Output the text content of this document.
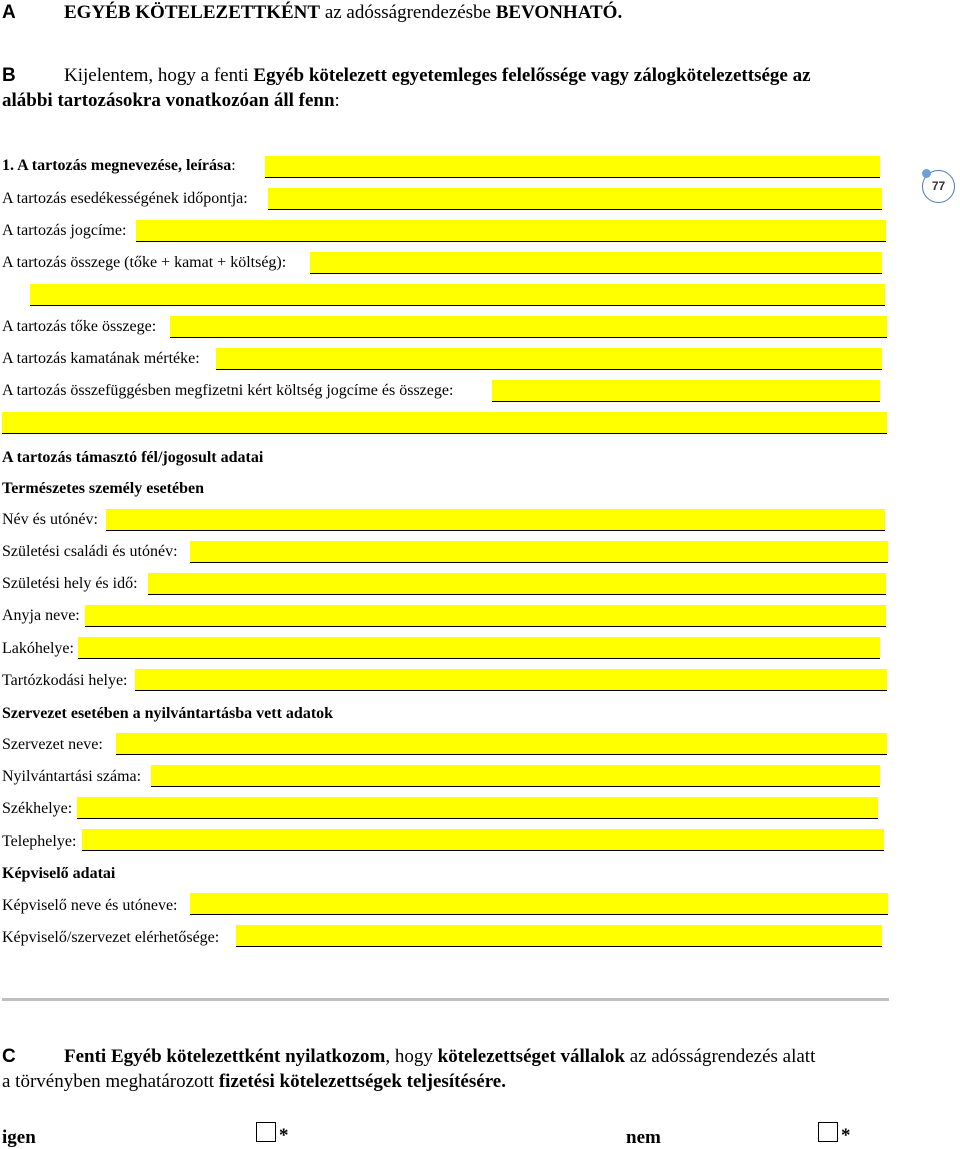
A	EGYÉB KÖTELEZETTKÉNT az adósságrendezésbe BEVONHATÓ.
B	Kijelentem, hogy a fenti Egyéb kötelezett egyetemleges felelőssége vagy zálogkötelezettsége az
alábbi tartozásokra vonatkozóan áll fenn:
77
1. A tartozás megnevezése, leírása:
A tartozás esedékességének időpontja:
A tartozás jogcíme:
A tartozás összege (tőke + kamat + költség):
A tartozás tőke összege:
A tartozás kamatának mértéke:
A tartozás összefüggésben megfizetni kért költség jogcíme és összege:
A tartozás támasztó fél/jogosult adatai
Természetes személy esetében
Név és utónév:
Születési családi és utónév:
Születési hely és idő:
Anyja neve:
Lakóhelye:
Tartózkodási helye:
Szervezet esetében a nyilvántartásba vett adatok
Szervezet neve:
Nyilvántartási száma:
Székhelye:
Telephelye:
Képviselő adatai
Képviselő neve és utóneve:
Képviselő/szervezet elérhetősége:
C	Fenti Egyéb kötelezettként nyilatkozom, hogy kötelezettséget vállalok az adósságrendezés alatt
a törvényben meghatározott fizetési kötelezettségek teljesítésére.
igen	*	nem	*
